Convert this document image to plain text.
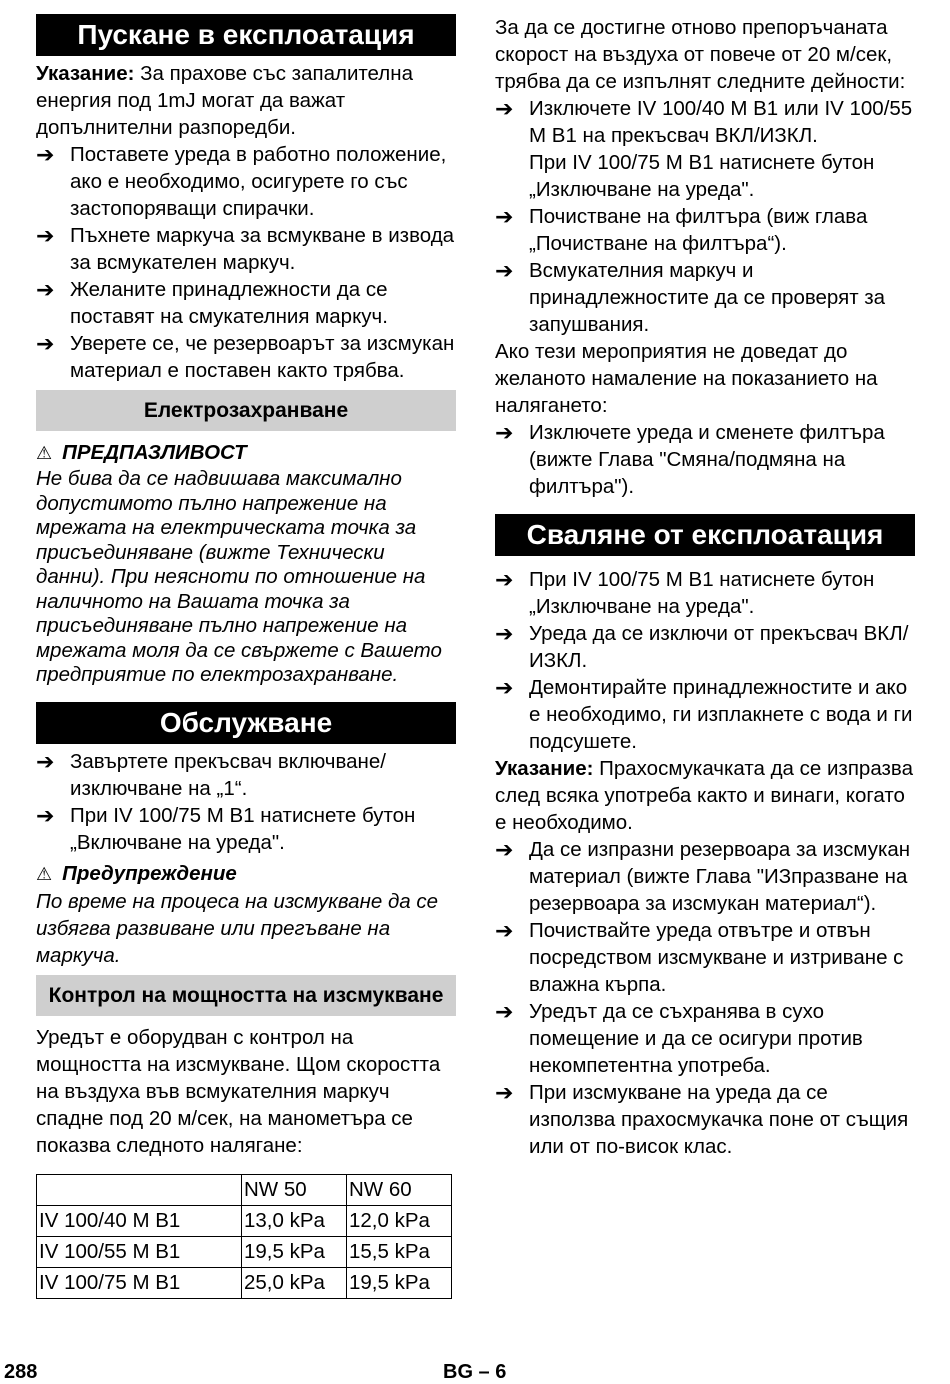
Пускане в експлоатация

Указание: За прахове със запалителна енергия под 1mJ могат да важат допълнителни разпоредби.

➔ Поставете уреда в работно положение, ако е необходимо, осигурете го със застопоряващи спирачки.
➔ Пъхнете маркуча за всмукване в извода за всмукателен маркуч.
➔ Желаните принадлежности да се поставят на смукателния маркуч.
➔ Уверете се, че резервоарът за изсмукан материал е поставен както трябва.
Електрозахранване

⚠ ПРЕДПАЗЛИВОСТ

Не бива да се надвишава максимално допустимото пълно напрежение на мрежата на електрическата точка за присъединяване (вижте Технически данни). При неясноти по отношение на наличното на Вашата точка за присъединяване пълно напрежение на мрежата моля да се свържете с Вашето предприятие по електрозахранване.

Обслужване
➔ Завъртете прекъсвач включване/изключване на „1“.
➔ При IV 100/75 M B1 натиснете бутон „Включване на уреда".

⚠ Предупреждение

По време на процеса на изсмукване да се избягва развиване или прегъване на маркуча.

Контрол на мощността на изсмукване

Уредът е оборудван с контрол на мощността на изсмукване. Щом скоростта на въздуха във всмукателния маркуч спадне под 20 м/сек, на манометъра се показва следното налягане:

	NW 50	NW 60
IV 100/40 M B1	13,0 kPa	12,0 kPa
IV 100/55 M B1	19,5 kPa	15,5 kPa
IV 100/75 M B1	25,0 kPa	19,5 kPa

За да се достигне отново препоръчаната скорост на въздуха от повече от 20 м/сек, трябва да се изпълнят следните дейности:

➔ Изключете IV 100/40 M B1 или IV 100/55 M B1 на прекъсвач ВКЛ/ИЗКЛ.
При IV 100/75 M B1 натиснете бутон „Изключване на уреда".
➔ Почистване на филтъра (виж глава „Почистване на филтъра“).
➔ Всмукателния маркуч и принадлежностите да се проверят за запушвания.

Ако тези мероприятия не доведат до желаното намаление на показанието на налягането:

➔ Изключете уреда и сменете филтъра (вижте Глава "Смяна/подмяна на филтъра").
Сваляне от експлоатация
➔ При IV 100/75 M B1 натиснете бутон „Изключване на уреда".
➔ Уреда да се изключи от прекъсвач ВКЛ/ИЗКЛ.
➔ Демонтирайте принадлежностите и ако е необходимо, ги изплакнете с вода и ги подсушете.

Указание: Прахосмукачката да се изпразва след всяка употреба както и винаги, когато е необходимо.

➔ Да се изпразни резервоара за изсмукан материал (вижте Глава "ИЗпразване на резервоара за изсмукан материал“).
➔ Почиствайте уреда отвътре и отвън посредством изсмукване и изтриване с влажна кърпа.
➔ Уредът да се съхранява в сухо помещение и да се осигури против некомпетентна употреба.
➔ При изсмукване на уреда да се използва прахосмукачка поне от същия или от по-висок клас.
288	BG – 6
